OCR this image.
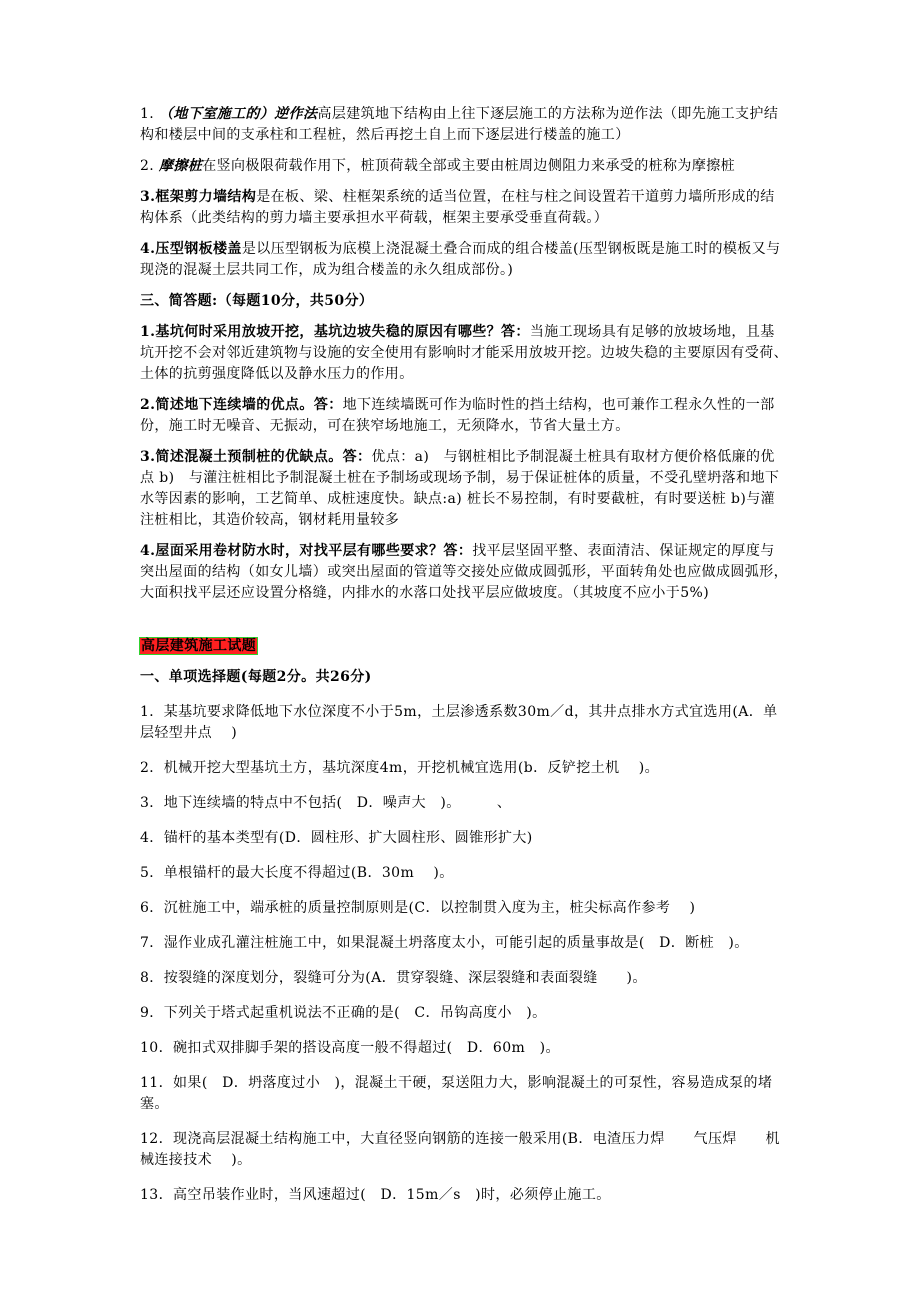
1. （地下室施工的）逆作法高层建筑地下结构由上往下逐层施工的方法称为逆作法（即先施工支护结构和楼层中间的支承柱和工程桩，然后再挖土自上而下逐层进行楼盖的施工）

2. 摩擦桩在竖向极限荷载作用下，桩顶荷载全部或主要由桩周边侧阻力来承受的桩称为摩擦桩

3.框架剪力墙结构是在板、梁、柱框架系统的适当位置，在柱与柱之间设置若干道剪力墙所形成的结构体系（此类结构的剪力墙主要承担水平荷载，框架主要承受垂直荷载。）

4.压型钢板楼盖是以压型钢板为底模上浇混凝土叠合而成的组合楼盖(压型钢板既是施工时的模板又与现浇的混凝土层共同工作，成为组合楼盖的永久组成部份。)

三、简答题:（每题10分，共50分）

1.基坑何时采用放坡开挖，基坑边坡失稳的原因有哪些？答：当施工现场具有足够的放坡场地，且基坑开挖不会对邻近建筑物与设施的安全使用有影响时才能采用放坡开挖。边坡失稳的主要原因有受荷、土体的抗剪强度降低以及静水压力的作用。

2.简述地下连续墙的优点。答：地下连续墙既可作为临时性的挡土结构，也可兼作工程永久性的一部份，施工时无噪音、无振动，可在狭窄场地施工，无须降水，节省大量土方。

3.简述混凝土预制桩的优缺点。答：优点：a)　与钢桩相比予制混凝土桩具有取材方便价格低廉的优点 b)　与灌注桩相比予制混凝土桩在予制场或现场予制，易于保证桩体的质量，不受孔壁坍落和地下水等因素的影响，工艺简单、成桩速度快。缺点:a) 桩长不易控制，有时要截桩，有时要送桩 b)与灌注桩相比，其造价较高，钢材耗用量较多

4.屋面采用卷材防水时，对找平层有哪些要求？答：找平层坚固平整、表面清洁、保证规定的厚度与突出屋面的结构（如女儿墙）或突出屋面的管道等交接处应做成圆弧形，平面转角处也应做成圆弧形，大面积找平层还应设置分格缝，内排水的水落口处找平层应做坡度。（其坡度不应小于5%)

高层建筑施工试题

一、单项选择题(每题2分。共26分)

1．某基坑要求降低地下水位深度不小于5m，土层渗透系数30m／d，其井点排水方式宜选用(A．单层轻型井点　 )

2．机械开挖大型基坑土方，基坑深度4m，开挖机械宜选用(b．反铲挖土机　 )。

3．地下连续墙的特点中不包括(　D．噪声大　)。　　　、

4．锚杆的基本类型有(D．圆柱形、扩大圆柱形、圆锥形扩大)

5．单根锚杆的最大长度不得超过(B．30m　 )。

6．沉桩施工中，端承桩的质量控制原则是(C．以控制贯入度为主，桩尖标高作参考　 )

7．湿作业成孔灌注桩施工中，如果混凝土坍落度太小，可能引起的质量事故是(　D．断桩　)。

8．按裂缝的深度划分，裂缝可分为(A．贯穿裂缝、深层裂缝和表面裂缝　　)。

9．下列关于塔式起重机说法不正确的是(　C．吊钩高度小　)。

10．碗扣式双排脚手架的搭设高度一般不得超过(　D．60m　)。

11．如果(　D．坍落度过小　)，混凝土干硬，泵送阻力大，影响混凝土的可泵性，容易造成泵的堵塞。

12．现浇高层混凝土结构施工中，大直径竖向钢筋的连接一般采用(B．电渣压力焊　　气压焊　　机械连接技术　 )。

13．高空吊装作业时，当风速超过(　D．15m／s　)时，必须停止施工。
